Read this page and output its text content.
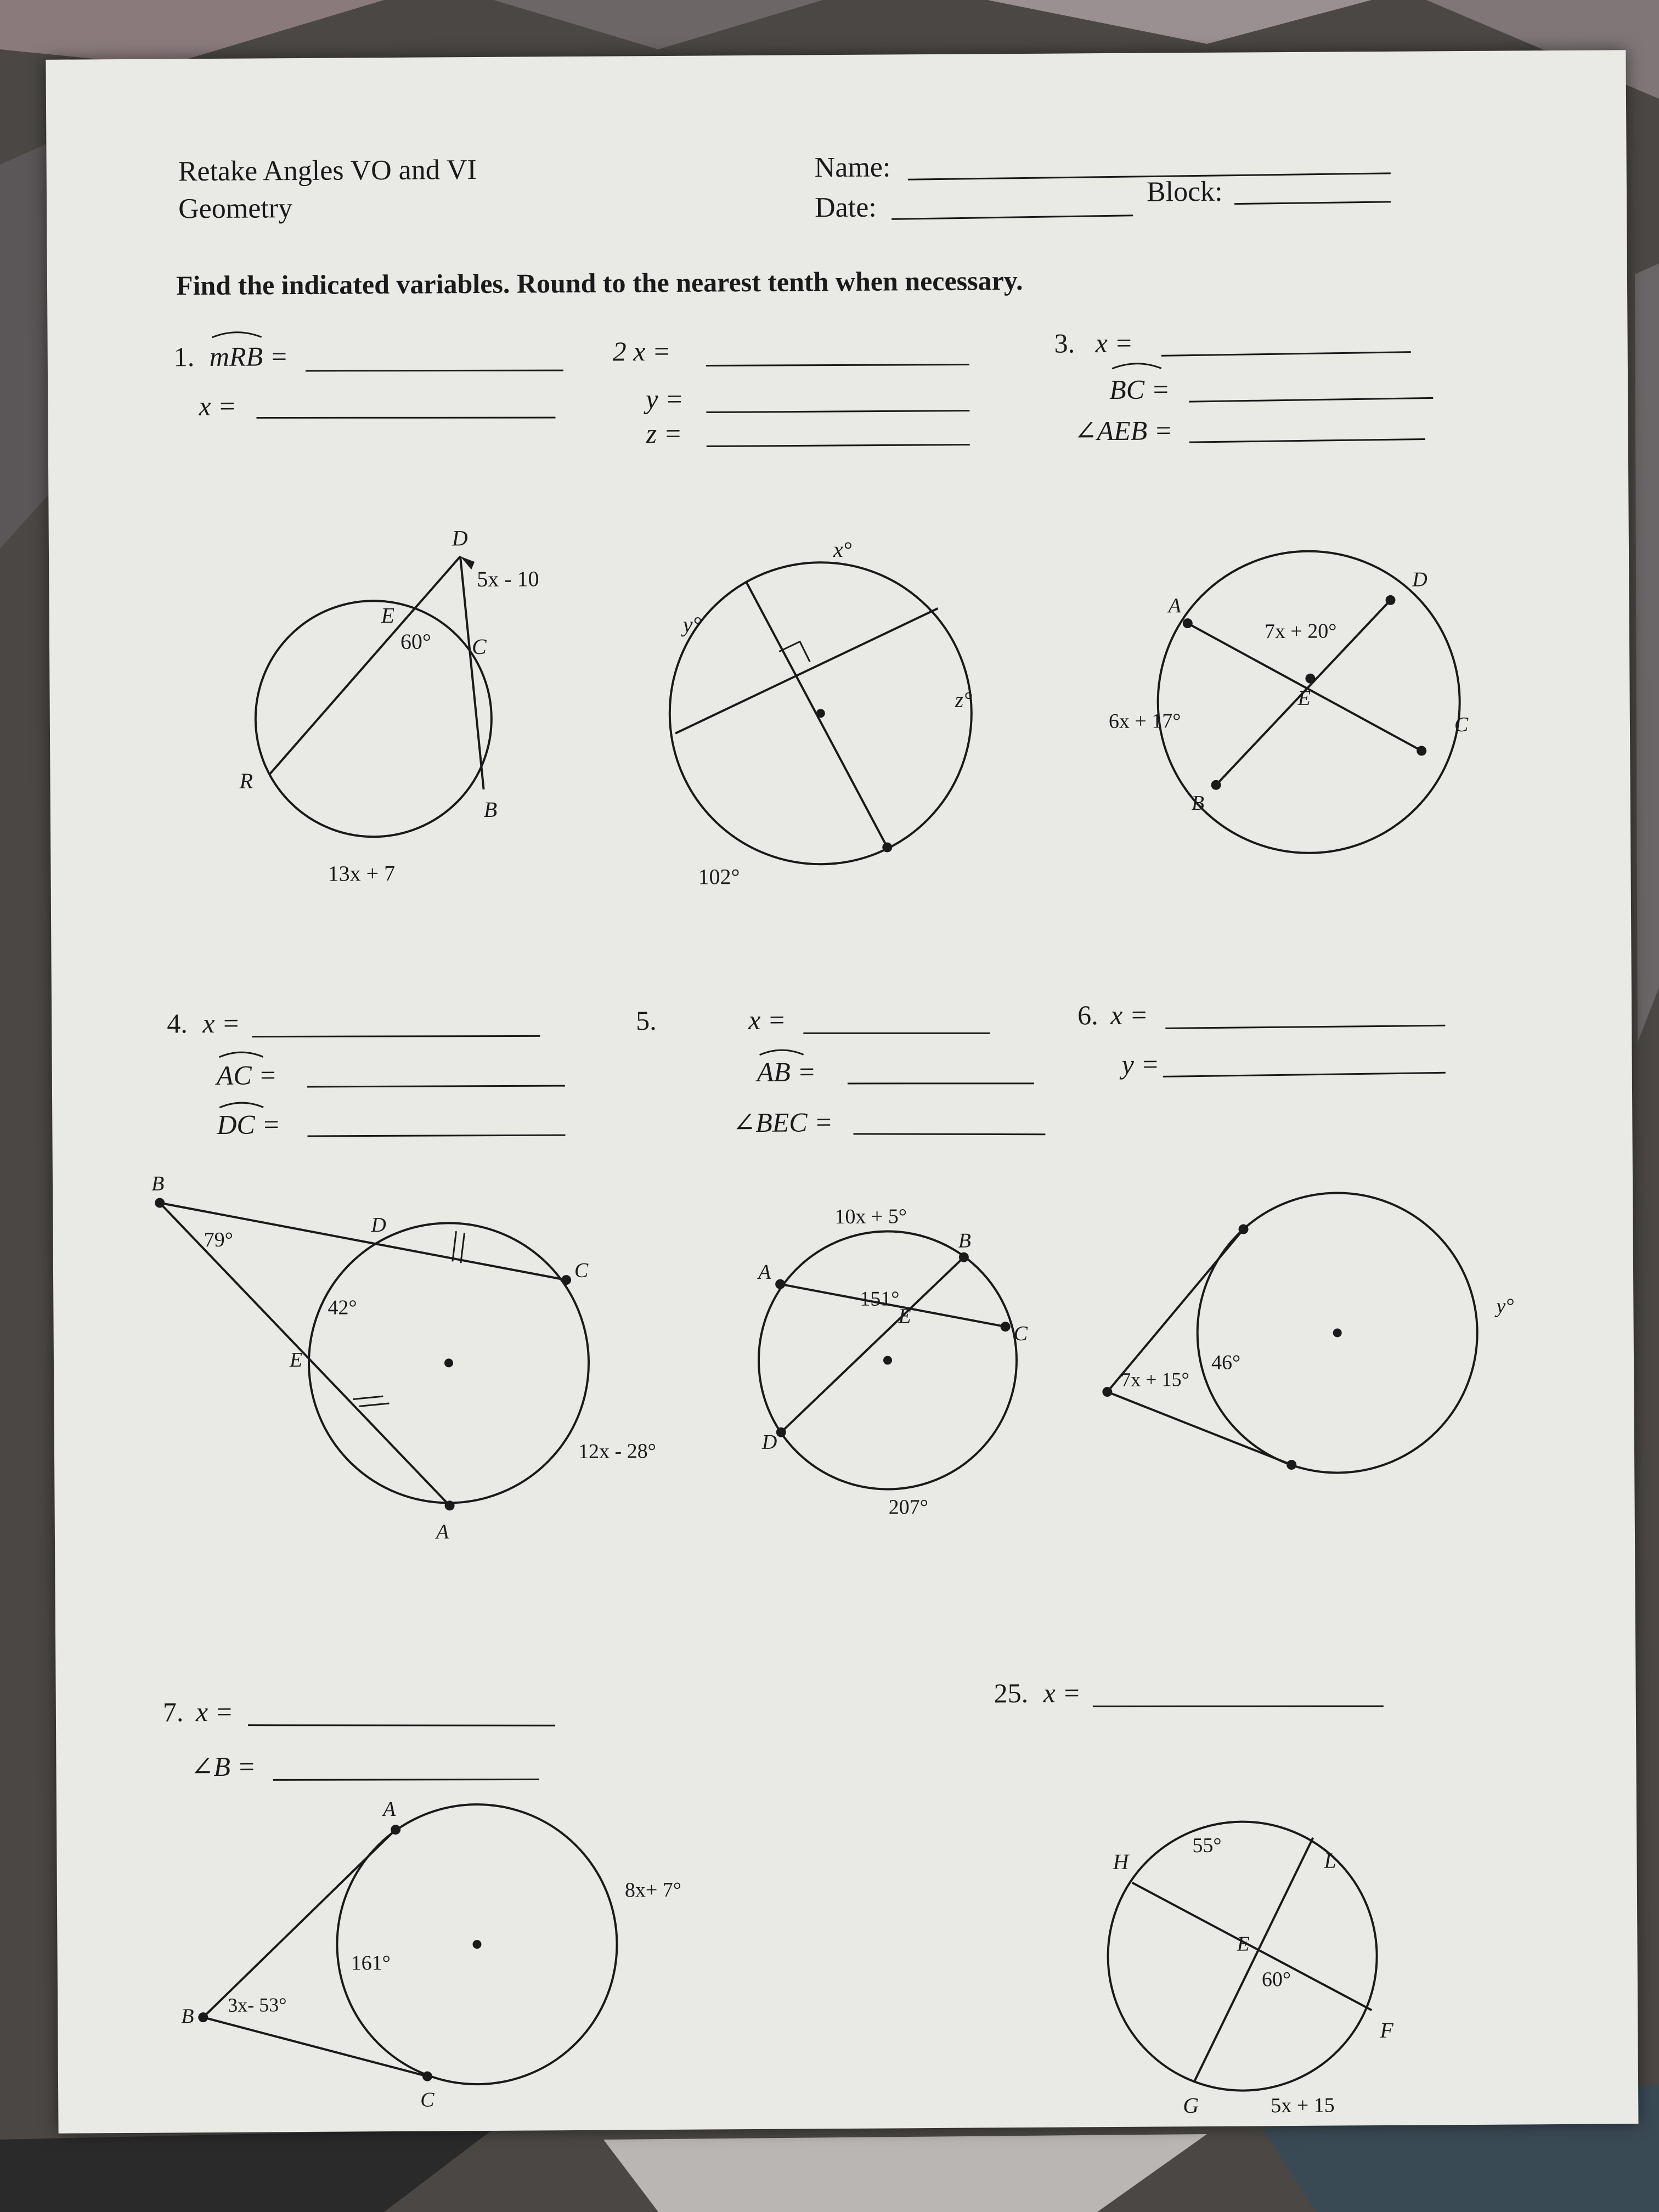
Retake Angles VO and VI
Geometry
Name:
Date:	Block:
Find the indicated variables. Round to the nearest tenth when necessary.
1. mRB =
x =
2 x =
y =
z =
3. x =
BC =
∠AEB =
D
5x - 10
E
60° C
R
B
13x + 7
x°
y°
z°
102°
A
D
E
C
B
7x + 20°
6x + 17°
4. x =
AC =
DC =
5.	x =
AB =
∠BEC =
6. x =
y =
B
79°
D
C
42°
E
12x - 28°
A
10x + 5°
B
A
151°
E
C
D
207°
7x + 15°
46°
y°
7. x =
∠B =
25. x =
A
8x+ 7°
161°
B 3x- 53°
C
H
55°
L
E
60°
F
G	5x + 15
